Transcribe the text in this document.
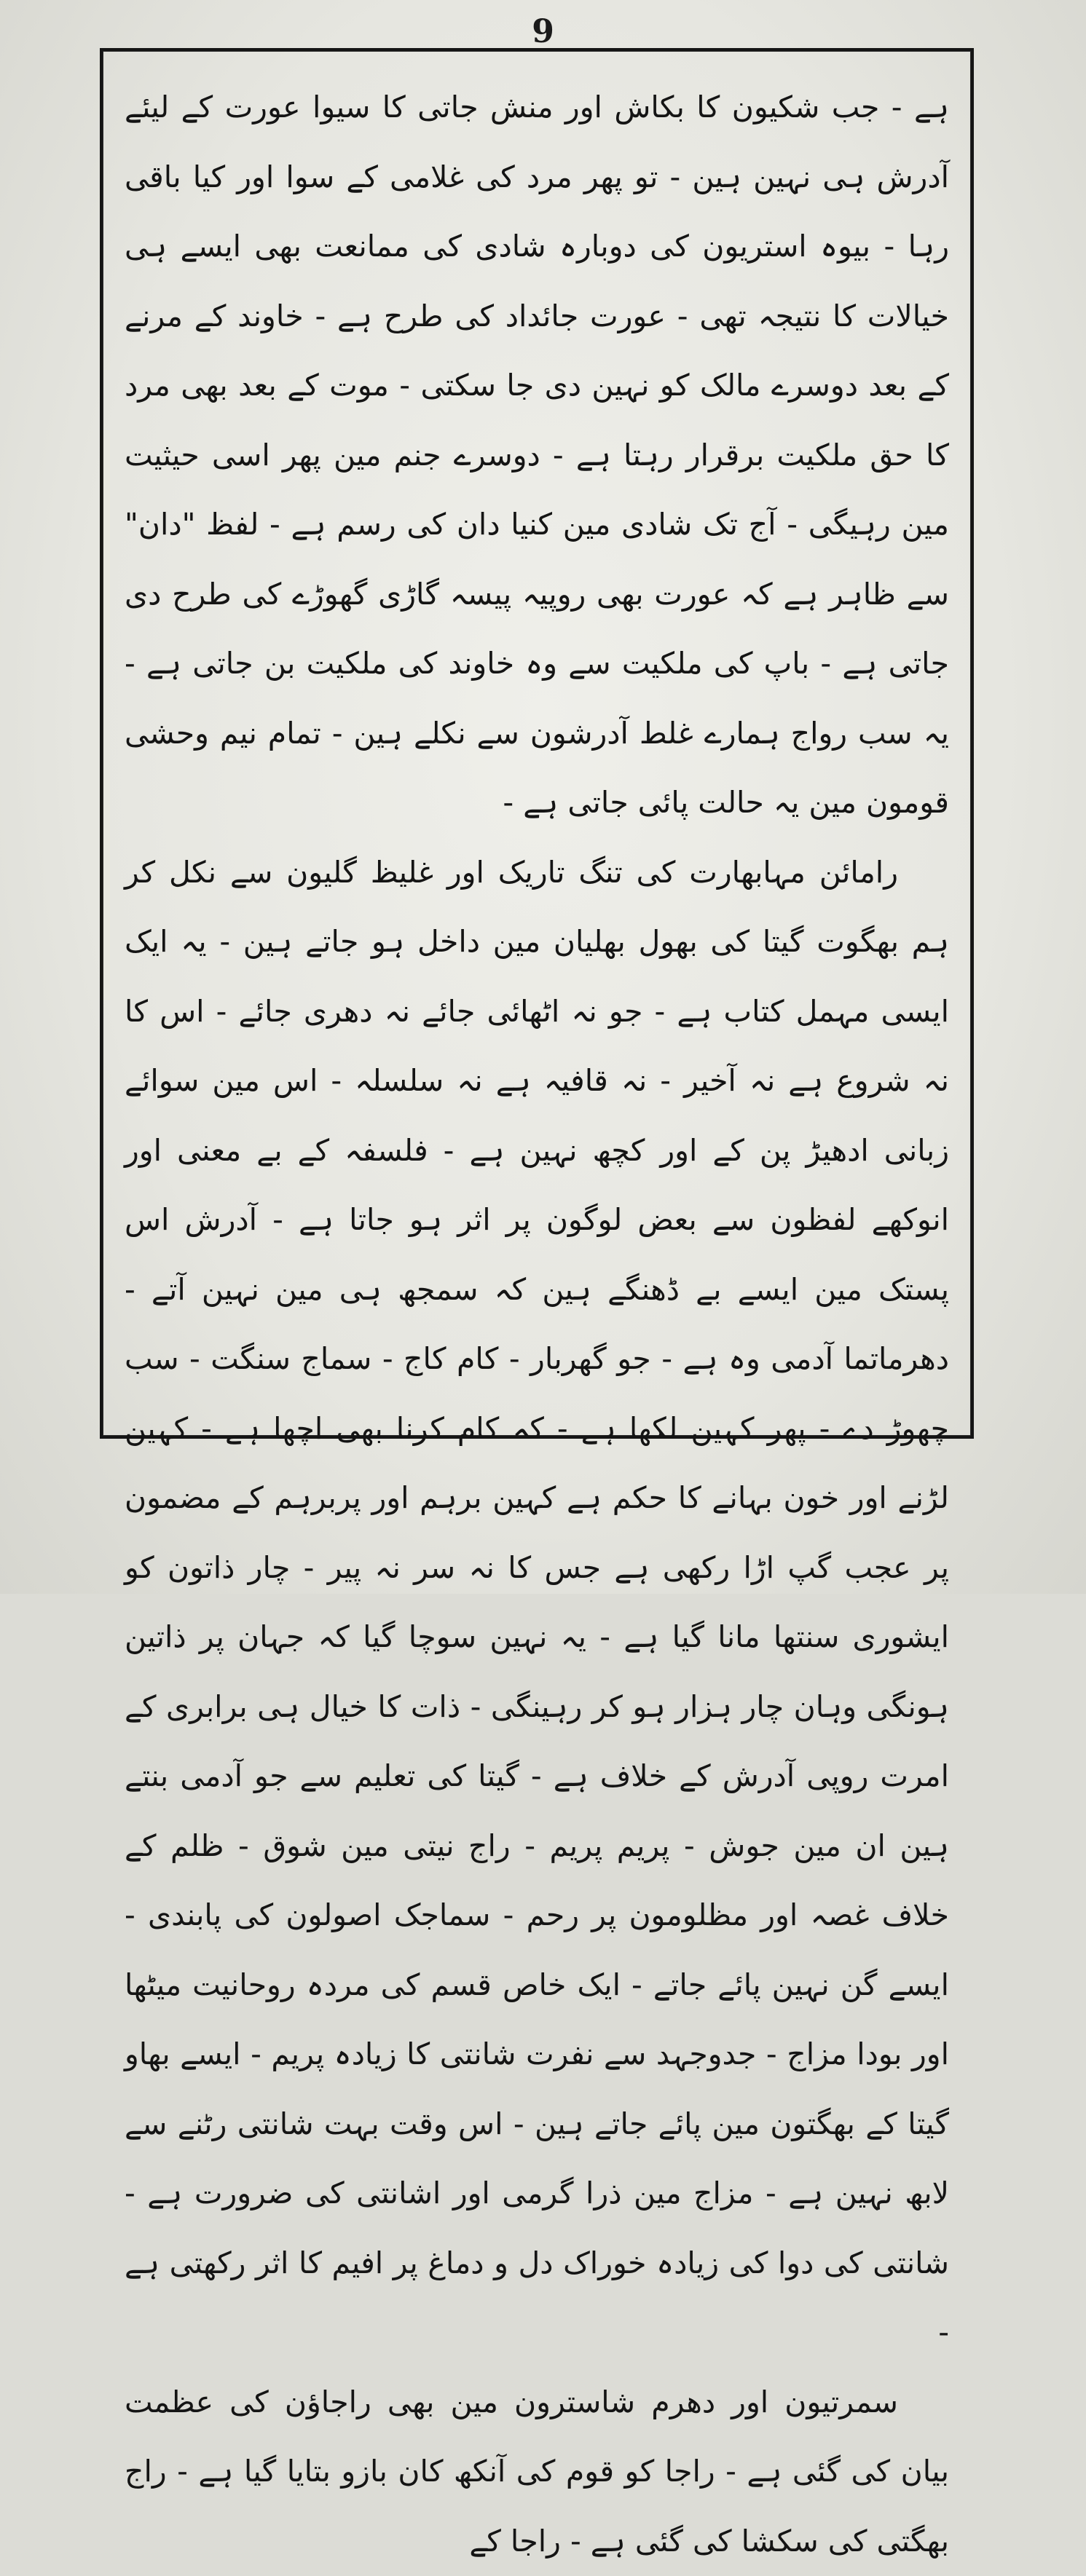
9

ہے - جب شکیون کا بکاش اور منش جاتی کا سیوا عورت کے لیئے آدرش ہی نہین ہین - تو پھر مرد کی غلامی کے سوا اور کیا باقی رہا - بیوہ استریون کی دوبارہ شادی کی ممانعت بھی ایسے ہی خیالات کا نتیجہ تھی - عورت جائداد کی طرح ہے - خاوند کے مرنے کے بعد دوسرے مالک کو نہین دی جا سکتی - موت کے بعد بھی مرد کا حق ملکیت برقرار رہتا ہے - دوسرے جنم مین پھر اسی حیثیت مین رہیگی - آج تک شادی مین کنیا دان کی رسم ہے - لفظ "دان" سے ظاہر ہے کہ عورت بھی روپیہ پیسہ گاڑی گھوڑے کی طرح دی جاتی ہے - باپ کی ملکیت سے وہ خاوند کی ملکیت بن جاتی ہے - یہ سب رواج ہمارے غلط آدرشون سے نکلے ہین - تمام نیم وحشی قومون مین یہ حالت پائی جاتی ہے -

رامائن مہابھارت کی تنگ تاریک اور غلیظ گلیون سے نکل کر ہم بھگوت گیتا کی بھول بھلیان مین داخل ہو جاتے ہین - یہ ایک ایسی مہمل کتاب ہے - جو نہ اٹھائی جائے نہ دھری جائے - اس کا نہ شروع ہے نہ آخیر - نہ قافیہ ہے نہ سلسلہ - اس مین سوائے زبانی ادھیڑ پن کے اور کچھ نہین ہے - فلسفہ کے بے معنی اور انوکھے لفظون سے بعض لوگون پر اثر ہو جاتا ہے - آدرش اس پستک مین ایسے بے ڈھنگے ہین کہ سمجھ ہی مین نہین آتے - دھرماتما آدمی وہ ہے - جو گھربار - کام کاج - سماج سنگت - سب چھوڑ دے - پھر کہین لکھا ہے - کہ کام کرنا بھی اچھا ہے - کہین لڑنے اور خون بہانے کا حکم ہے کہین برہم اور پربرہم کے مضمون پر عجب گپ اڑا رکھی ہے جس کا نہ سر نہ پیر - چار ذاتون کو ایشوری سنتھا مانا گیا ہے - یہ نہین سوچا گیا کہ جہان پر ذاتین ہونگی وہان چار ہزار ہو کر رہینگی - ذات کا خیال ہی برابری کے امرت روپی آدرش کے خلاف ہے - گیتا کی تعلیم سے جو آدمی بنتے ہین ان مین جوش - پریم پریم - راج نیتی مین شوق - ظلم کے خلاف غصہ اور مظلومون پر رحم - سماجک اصولون کی پابندی - ایسے گن نہین پائے جاتے - ایک خاص قسم کی مردہ روحانیت میٹھا اور بودا مزاج - جدوجہد سے نفرت شانتی کا زیادہ پریم - ایسے بھاو گیتا کے بھگتون مین پائے جاتے ہین - اس وقت بہت شانتی رٹنے سے لابھ نہین ہے - مزاج مین ذرا گرمی اور اشانتی کی ضرورت ہے - شانتی کی دوا کی زیادہ خوراک دل و دماغ پر افیم کا اثر رکھتی ہے -

سمرتیون اور دھرم شاسترون مین بھی راجاؤن کی عظمت بیان کی گئی ہے - راجا کو قوم کی آنکھ کان بازو بتایا گیا ہے - راج بھگتی کی سکشا کی گئی ہے - راجا کے
